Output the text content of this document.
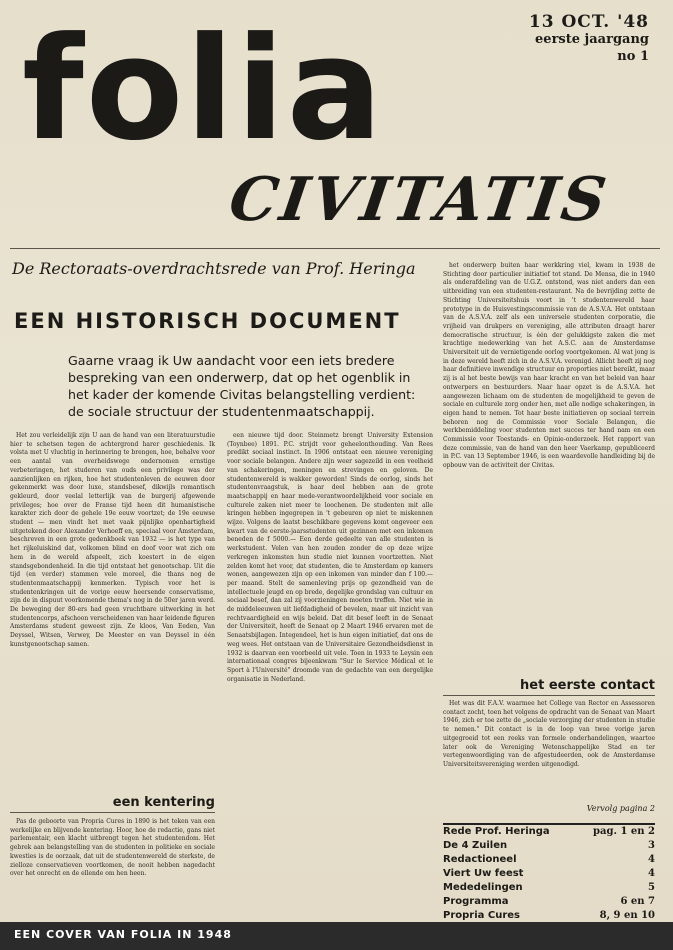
13 OCT. '48
eerste jaargang
no 1
folia
CIVITATIS
De Rectoraats-overdrachtsrede van Prof. Heringa
EEN HISTORISCH DOCUMENT
Gaarne vraag ik Uw aandacht voor een iets bredere bespreking van een onderwerp, dat op het ogenblik in het kader der komende Civitas belangstelling verdient: de sociale structuur der studentenmaatschappij.

Het zou verleidelijk zijn U aan de hand van een literatuurstudie hier te schetsen tegen de achtergrond harer geschiedenis. Ik volsta met U vluchtig in herinnering te brengen, hoe, behalve voor een aantal van overheidswege ondernomen ernstige verbeteringen, het studeren van ouds een privilege was der aanzienlijken en rijken, hoe het studentenleven de eeuwen door gekenmerkt was door luxe, standsbesef, dikwijls romantisch gekleurd, door veelal letterlijk van de burgerij afgewende privileges; hoe over de Franse tijd heen dit humanistische karakter zich door de gehele 19e eeuw voortzet; de 19e eeuwse student — men vindt het met vaak pijnlijke openhartigheid uitgetekend door Alexander Verhoeff en, speciaal voor Amsterdam, beschreven in een grote gedenkboek van 1932 — is het type van het rijkeluiskind dat, volkomen blind en doof voor wat zich om hem in de wereld afspeelt, zich koestert in de eigen standsgebondenheid. In die tijd ontstaat het genootschap. Uit die tijd (en verder) stammen vele moreel, die thans nog de studentenmaatschappij kenmerken. Typisch voor het is studentenkringen uit de vorige eeuw heersende conservatisme, zijn de in dispuut voorkomende thema's nog in de 50er jaren werd. De beweging der 80-ers had geen vruchtbare uitwerking in het studentencorps, afschoon verscheidenen van haar leidende figuren Amsterdams student geweest zijn. Ze kloos, Van Eeden, Van Deyssel, Witsen, Verwey, De Meester en van Deyssel in één kunstgenootschap samen.

een kentering

Pas de geboorte van Propria Cures in 1890 is het teken van een werkelijke en blijvende kentering. Hoor, hoe de redactie, gans niet parlementair, een klacht uitbrengt tegen het studentendom. Het gebrek aan belangstelling van de studenten in politieke en sociale kwesties is de oorzaak, dat uit de studentenwereld de sterkste, de zielloze conservatieven voortkomen, de nooit hebben nagedacht over het onrecht en de ellende om hen heen.

een nieuwe tijd door. Steinmetz brengt University Extension (Toynbee) 1891. P.C. strijdt voor geheelonthouding. Van Rees predikt sociaal instinct. In 1906 ontstaat een nieuwe vereniging voor sociale belangen. Andere zijn weer sagezeild in een veelheid van schakeringen, meningen en strevingen en geloven. De studentenwereld is wakker geworden! Sinds de oorlog, sinds het studentenvraagstuk, is haar deel hebben aan de grote maatschappij en haar mede-verantwoordelijkheid voor sociale en culturele zaken niet meer te loochenen. De studenten mit alle kringen hebben ingegrepen in 't gebeuren op niet te miskennen wijze. Volgens de laatst beschikbare gegevens komt ongeveer een kwart van de eerste-jaarsstudenten uit gezinnen met een inkomen beneden de f 5000.— Een derde gedeelte van alle studenten is werkstudent. Velen van hen zouden zonder de op deze wijze verkregen inkomsten hun studie niet kunnen voortzetten. Niet zelden komt het voor, dat studenten, die te Amsterdam op kamers wonen, aangewezen zijn op een inkomen van minder dan f 100.— per maand. Stelt de samenleving prijs op gezondheid van de intellectuele jeugd en op brede, degelijke grondslag van cultuur en sociaal besef, dan zal zij voorzieningen moeten treffen. Niet wie in de middeleeuwen uit liefdadigheid of bevelen, maar uit inzicht van rechtvaardigheid en wijs beleid. Dat dit besef leeft in de Senaat der Universiteit, heeft de Senaat op 2 Maart 1946 ervaren met de Senaatsbijlagen. Integendeel, het is hun eigen initiatief, dat ons de weg wees. Het ontstaan van de Universitaire Gezondheidsdienst in 1932 is daarvan een voorbeeld uit vele. Toen in 1933 te Leysin een internationaal congres bijeenkwam "Sur le Service Médical et le Sport à l'Université" droomde van de gedachte van een dergelijke organisatie in Nederland.

het onderwerp buiten haar werkkring viel, kwam in 1938 de Stichting door particulier initiatief tot stand. De Mensa, die in 1940 als onderafdeling van de U.G.Z. ontstond, was niet anders dan een uitbreiding van een studenten-restaurant. Na de bevrijding zette de Stichting Universiteitshuis voort in 't studentenwereld haar prototype in de Huisvestingscommissie van de A.S.V.A. Het ontstaan van de A.S.V.A. zelf als een universele studenten corporatie, die vrijheid van drukpers en vereniging, alle attributen draagt harer democratische structuur, is één der gelukkigste zaken die met krachtige medewerking van het A.S.C. aan de Amsterdamse Universiteit uit de vernietigende oorlog voortgekomen. Al wat jong is in deze wereld heeft zich in de A.S.V.A. verenigd. Allicht heeft zij nog haar definitieve inwendige structuur en proporties niet bereikt, maar zij is al het beste bewijs van haar kracht en van het beleid van haar ontwerpers en bestuurders. Naar haar opzet is de A.S.V.A. het aangewezen lichaam om de studenten de mogelijkheid te geven de sociale en culturele zorg onder hen, met alle nodige schakeringen, in eigen hand te nemen. Tot haar beste initiatieven op sociaal terrein behoren nog de Commissie voor Sociale Belangen, die werkbemiddeling voor studenten met succes ter hand nam en een Commissie voor Toestands- en Opinie-onderzoek. Het rapport van deze commissie, van de hand van den heer Vaerkamp, gepubliceerd in P.C. van 13 September 1946, is een waardevolle handleiding bij de opbouw van de activiteit der Civitas.

het eerste contact

Het was dit F.A.V. waarmee het College van Rector en Assessoren contact zocht, toen het volgens de opdracht van de Senaat van Maart 1946, zich er toe zette de „sociale verzorging der studenten in studie te nemen." Dit contact is in de loop van twee vorige jaren uitgegroeid tot een reeks van formele onderhandelingen, waartoe later ook de Vereniging Wetenschappelijke Stad en ter vertegenwoordiging van de afgestudeerden, ook de Amsterdamse Universiteitsvereniging werden uitgenodigd.

Vervolg pagina 2
Rede Prof. Heringa	pag. 1 en 2
De 4 Zuilen	3
Redactioneel	4
Viert Uw feest	4
Mededelingen	5
Programma	6 en 7
Propria Cures	8, 9 en 10
EEN COVER VAN FOLIA IN 1948
